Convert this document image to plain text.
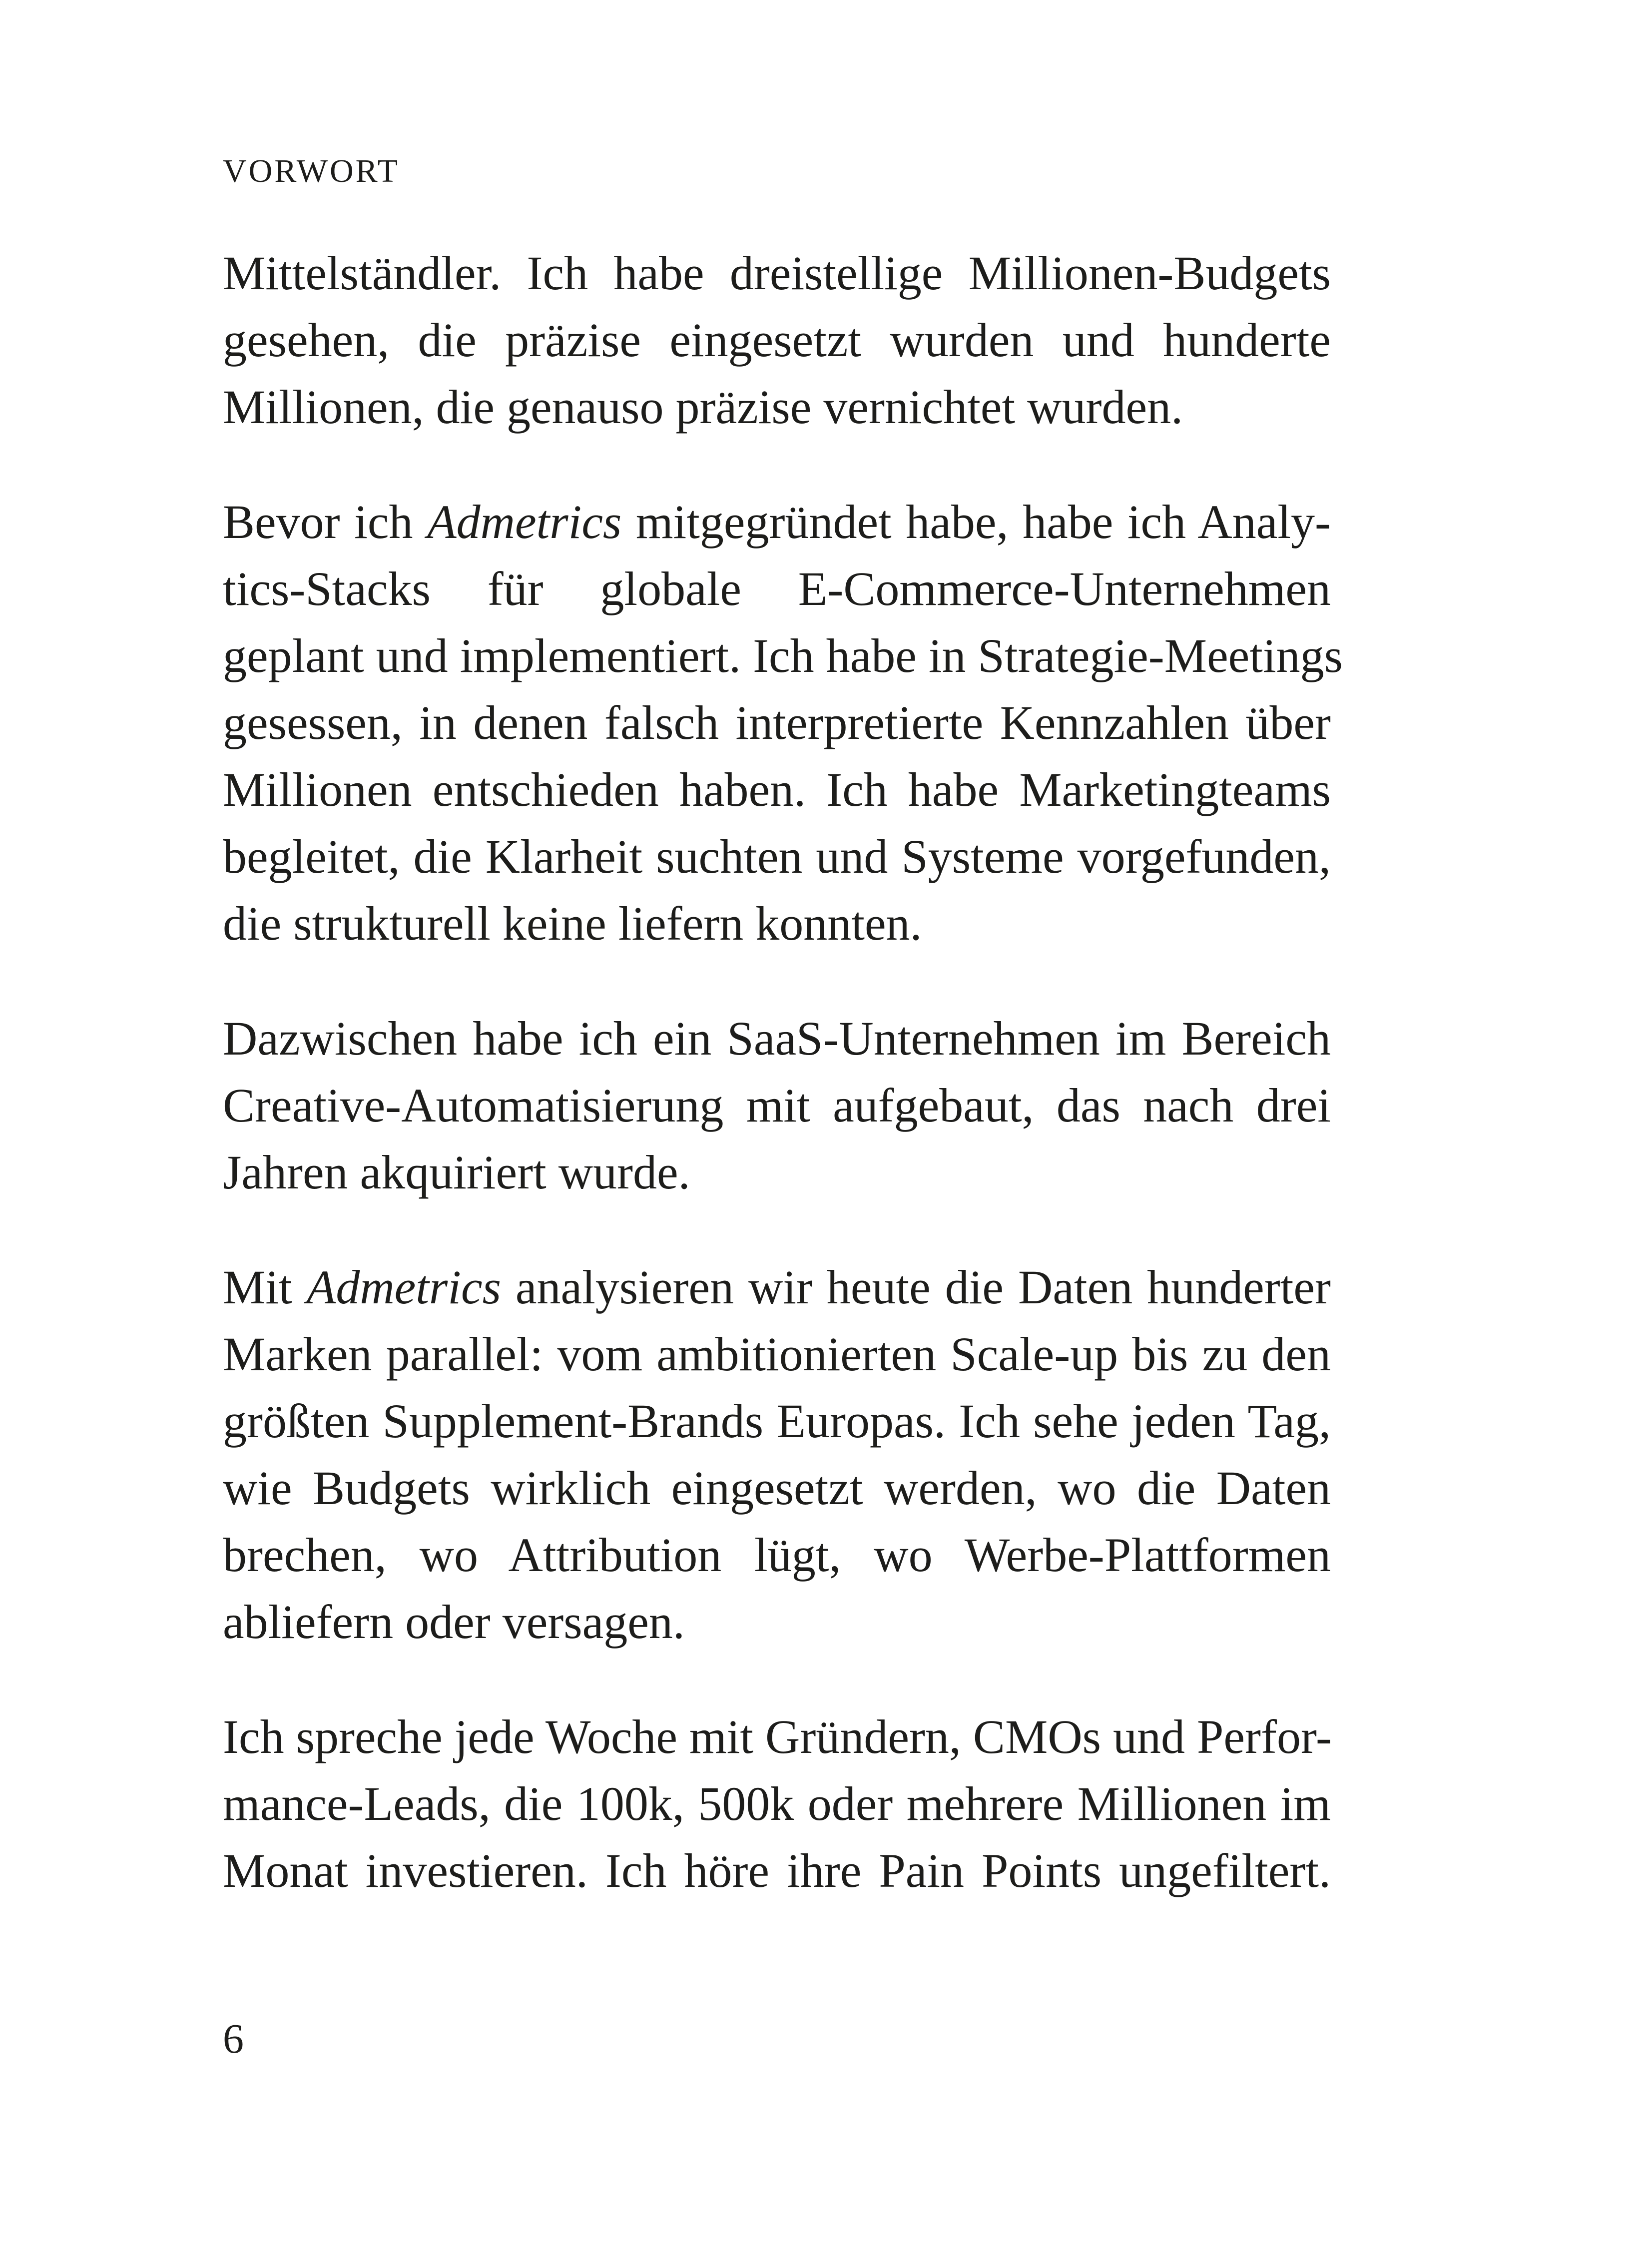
VORWORT

Mittelständler. Ich habe dreistellige Millionen-Budgets
gesehen, die präzise eingesetzt wurden und hunderte
Millionen, die genauso präzise vernichtet wurden.

Bevor ich Admetrics mitgegründet habe, habe ich Analy-
tics-Stacks für globale E-Commerce-Unternehmen
geplant und implementiert. Ich habe in Strategie-Meetings
gesessen, in denen falsch interpretierte Kennzahlen über
Millionen entschieden haben. Ich habe Marketingteams
begleitet, die Klarheit suchten und Systeme vorgefunden,
die strukturell keine liefern konnten.

Dazwischen habe ich ein SaaS-Unternehmen im Bereich
Creative-Automatisierung mit aufgebaut, das nach drei
Jahren akquiriert wurde.

Mit Admetrics analysieren wir heute die Daten hunderter
Marken parallel: vom ambitionierten Scale-up bis zu den
größten Supplement-Brands Europas. Ich sehe jeden Tag,
wie Budgets wirklich eingesetzt werden, wo die Daten
brechen, wo Attribution lügt, wo Werbe-Plattformen
abliefern oder versagen.

Ich spreche jede Woche mit Gründern, CMOs und Perfor-
mance-Leads, die 100k, 500k oder mehrere Millionen im
Monat investieren. Ich höre ihre Pain Points ungefiltert.

6
